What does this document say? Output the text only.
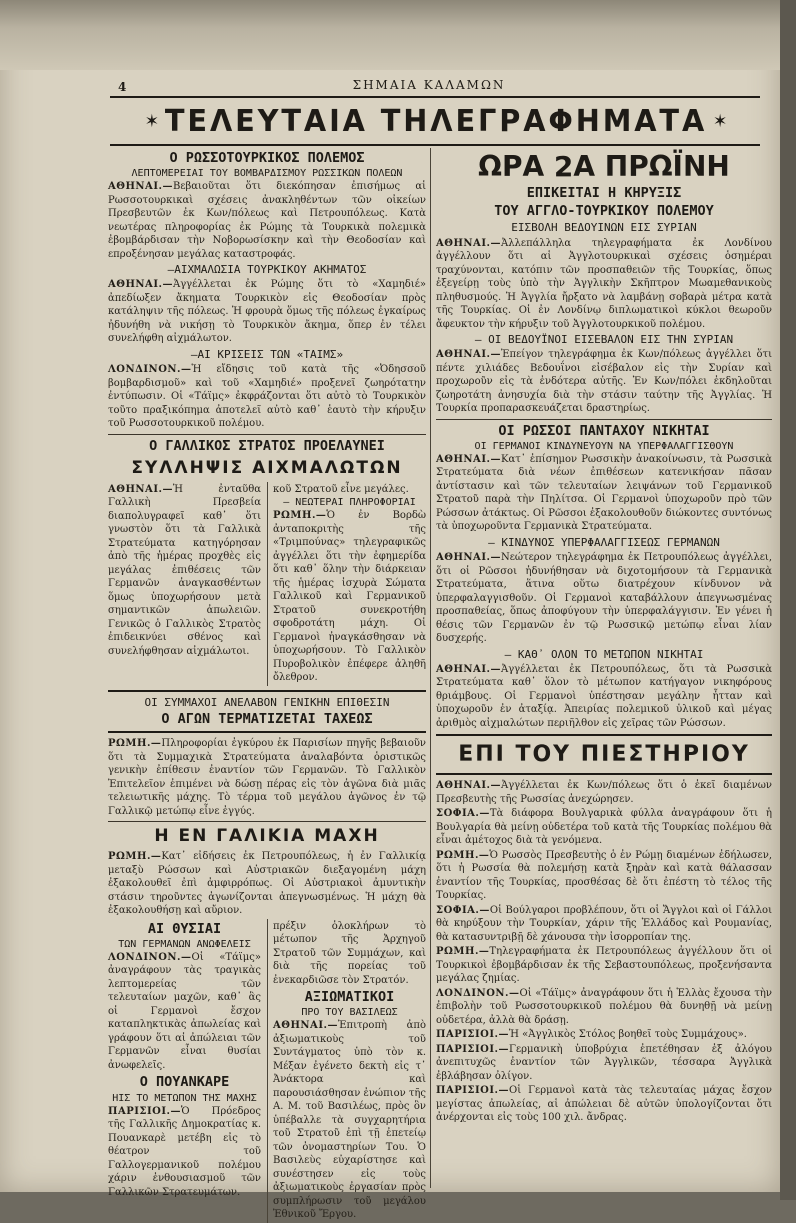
4	ΣΗΜΑΙΑ ΚΑΛΑΜΩΝ
✶ ΤΕΛΕΥΤΑΙΑ ΤΗΛΕΓΡΑΦΗΜΑΤΑ ✶
Ο ΡΩΣΣΟΤΟΥΡΚΙΚΟΣ ΠΟΛΕΜΟΣ
ΛΕΠΤΟΜΕΡΕΙΑΙ ΤΟΥ ΒΟΜΒΑΡΔΙΣΜΟΥ ΡΩΣΣΙΚΩΝ ΠΟΛΕΩΝ

ΑΘΗΝΑΙ.—Βεβαιοῦται ὅτι διεκόπησαν ἐπισήμως αἱ Ρωσσοτουρκικαὶ σχέσεις ἀνακληθέντων τῶν οἰκείων Πρεσβευτῶν ἐκ Κων/πόλεως καὶ Πετρουπόλεως. Κατὰ νεωτέρας πληροφορίας ἐκ Ρώμης τὰ Τουρκικὰ πολεμικὰ ἐβομβάρδισαν τὴν Νοβορωσίσκην καὶ τὴν Θεοδοσίαν καὶ επροξένησαν μεγάλας καταστροφάς.

—ΑΙΧΜΑΛΩΣΙΑ ΤΟΥΡΚΙΚΟΥ ΑΚΗΜΑΤΟΣ

ΑΘΗΝΑΙ.—Ἀγγέλλεται ἐκ Ρώμης ὅτι τὸ «Χαμηδιέ» ἀπεδίωξεν ἄκηματα Τουρκικὸν εἰς Θεοδοσίαν πρὸς κατάληψιν τῆς πόλεως. Ἡ φρουρὰ ὅμως τῆς πόλεως ἐγκαίρως ἠδυνήθη νὰ νικήσῃ τὸ Τουρκικὸν ἄκημα, ὅπερ ἐν τέλει συνελήφθη αἰχμάλωτον.

—ΑΙ ΚΡΙΣΕΙΣ ΤΩΝ «ΤΑΙΜΣ»

ΛΟΝΔΙΝΟΝ.—Ἡ εἴδησις τοῦ κατὰ τῆς «Ὀδησσοῦ βομβαρδισμοῦ» καὶ τοῦ «Χαμηδιέ» προξενεῖ ζωηρότατην ἐντύπωσιν. Οἱ «Τάϊμς» ἐκφράζονται ὅτι αὐτὸ τὸ Τουρκικὸν τοῦτο πραξικόπημα ἀποτελεῖ αὐτὸ καθ᾽ ἑαυτὸ τὴν κήρυξιν τοῦ Ρωσσοτουρκικοῦ πολέμου.

Ο ΓΑΛΛΙΚΟΣ ΣΤΡΑΤΟΣ ΠΡΟΕΛΑΥΝΕΙ
ΣΥΛΛΗΨΙΣ ΑΙΧΜΑΛΩΤΩΝ

ΑΘΗΝΑΙ.—Ἡ ἐνταῦθα Γαλλικὴ Πρεσβεία διαπολυγραφεῖ καθ᾽ ὅτι γνωστὸν ὅτι τὰ Γαλλικὰ Στρατεύματα κατηγόρησαν ἀπὸ τῆς ἡμέρας προχθὲς εἰς μεγάλας ἐπιθέσεις τῶν Γερμανῶν ἀναγκασθέντων ὅμως ὑποχωρήσουν μετὰ σημαντικῶν ἀπωλειῶν. Γενικῶς ὁ Γαλλικὸς Στρατὸς ἐπιδεικνύει σθένος καὶ συνελήφθησαν αἰχμάλωτοι.

κοῦ Στρατοῦ εἶνε μεγάλες.

— ΝΕΩΤΕΡΑΙ ΠΛΗΡΟΦΟΡΙΑΙ

ΡΩΜΗ.—Ὁ ἐν Βορδὼ ἀνταποκριτὴς τῆς «Τριμπούνας» τηλεγραφικῶς ἀγγέλλει ὅτι τὴν ἐφημερίδα ὅτι καθ᾽ ὅλην τὴν διάρκειαν τῆς ἡμέρας ἰσχυρὰ Σώματα Γαλλικοῦ καὶ Γερμανικοῦ Στρατοῦ συνεκροτήθη σφοδροτάτη μάχη. Οἱ Γερμανοὶ ἠναγκάσθησαν νὰ ὑποχωρήσουν. Τὸ Γαλλικὸν Πυροβολικὸν ἐπέφερε ἀληθῆ ὄλεθρον.

ΟΙ ΣΥΜΜΑΧΟΙ ΑΝΕΛΑΒΟΝ ΓΕΝΙΚΗΝ ΕΠΙΘΕΣΙΝ
Ο ΑΓΩΝ ΤΕΡΜΑΤΙΖΕΤΑΙ ΤΑΧΕΩΣ

ΡΩΜΗ.—Πληροφορίαι ἐγκύρου ἐκ Παρισίων πηγῆς βεβαιοῦν ὅτι τὰ Συμμαχικὰ Στρατεύματα ἀναλαβόντα ὁριστικῶς γενικὴν ἐπίθεσιν ἐναντίον τῶν Γερμανῶν. Τὸ Γαλλικὸν Ἐπιτελεῖον ἐπιμένει νὰ δώσῃ πέρας εἰς τὸν ἀγῶνα διὰ μιᾶς τελειωτικῆς μάχης. Τὸ τέρμα τοῦ μεγάλου ἀγῶνος ἐν τῷ Γαλλικῷ μετώπῳ εἶνε ἐγγύς.

Η ΕΝ ΓΑΛΙΚΙΑ ΜΑΧΗ

ΡΩΜΗ.—Κατ᾽ εἰδήσεις ἐκ Πετρουπόλεως, ἡ ἐν Γαλλικίᾳ μεταξὺ Ρώσσων καὶ Αὐστριακῶν διεξαγομένη μάχη ἐξακολουθεῖ ἐπὶ ἀμφιρρόπως. Οἱ Αὐστριακοὶ ἀμυντικὴν στάσιν τηροῦντες ἀγωνίζονται ἀπεγνωσμένως. Ἡ μάχη θὰ ἐξακολουθήσῃ καὶ αὔριον.

ΑΙ ΘΥΣΙΑΙ
ΤΩΝ ΓΕΡΜΑΝΩΝ ΑΝΩΦΕΛΕΙΣ

ΛΟΝΔΙΝΟΝ.—Οἱ «Τάϊμς» ἀναγράφουν τὰς τραγικὰς λεπτομερείας τῶν τελευταίων μαχῶν, καθ᾽ ἃς οἱ Γερμανοὶ ἔσχον καταπληκτικὰς ἀπωλείας καὶ γράφουν ὅτι αἱ ἀπώλειαι τῶν Γερμανῶν εἶναι θυσίαι ἀνωφελεῖς.

Ο ΠΟΥΑΝΚΑΡΕ
ΗΙΣ ΤΟ ΜΕΤΩΠΟΝ ΤΗΣ ΜΑΧΗΣ

ΠΑΡΙΣΙΟΙ.—Ὁ Πρόεδρος τῆς Γαλλικῆς Δημοκρατίας κ. Πουανκαρὲ μετέβη εἰς τὸ θέατρον τοῦ Γαλλογερμανικοῦ πολέμου χάριν ἐνθουσιασμοῦ τῶν Γαλλικῶν Στρατευμάτων.

πρέξιν ὁλοκλήρων τὸ μέτωπον τῆς Ἀρχηγοῦ Στρατοῦ τῶν Συμμάχων, καὶ διὰ τῆς πορείας τοῦ ἐνεκαρδιῶσε τὸν Στρατόν.

ΑΞΙΩΜΑΤΙΚΟΙ
ΠΡΟ ΤΟΥ ΒΑΣΙΛΕΩΣ

ΑΘΗΝΑΙ.—Ἐπιτροπὴ ἀπὸ ἀξιωματικοὺς τοῦ Συντάγματος ὑπὸ τὸν κ. Μέξαν ἐγένετο δεκτὴ εἰς τ᾽ Ἀνάκτορα καὶ παρουσιάσθησαν ἐνώπιον τῆς Α. Μ. τοῦ Βασιλέως, πρὸς ὃν ὑπέβαλλε τὰ συγχαρητήρια τοῦ Στρατοῦ ἐπὶ τῇ ἐπετείῳ τῶν ὀνομαστηρίων Του. Ὁ Βασιλεὺς εὐχαρίστησε καὶ συνέστησεν εἰς τοὺς ἀξιωματικοὺς ἐργασίαν πρὸς συμπλήρωσιν τοῦ μεγάλου Ἐθνικοῦ Ἔργου.

ΩΡΑ 2Α ΠΡΩΪΝΗ
ΕΠΙΚΕΙΤΑΙ Η ΚΗΡΥΞΙΣ
ΤΟΥ ΑΓΓΛΟ-ΤΟΥΡΚΙΚΟΥ ΠΟΛΕΜΟΥ
ΕΙΣΒΟΛΗ ΒΕΔΟΥΙΝΩΝ ΕΙΣ ΣΥΡΙΑΝ

ΑΘΗΝΑΙ.—Ἀλλεπάλληλα τηλεγραφήματα ἐκ Λονδίνου ἀγγέλλουν ὅτι αἱ Ἀγγλοτουρκικαὶ σχέσεις ὁσημέραι τραχύνονται, κατόπιν τῶν προσπαθειῶν τῆς Τουρκίας, ὅπως ἐξεγείρῃ τοὺς ὑπὸ τὴν Ἀγγλικὴν Σκῆπτρον Μωαμεθανικοὺς πληθυσμούς. Ἡ Ἀγγλία ἤρξατο νὰ λαμβάνῃ σοβαρὰ μέτρα κατὰ τῆς Τουρκίας. Οἱ ἐν Λονδίνῳ διπλωματικοὶ κύκλοι θεωροῦν ἄφευκτον τὴν κήρυξιν τοῦ Ἀγγλοτουρκικοῦ πολέμου.

— ΟΙ ΒΕΔΟΥΪΝΟΙ ΕΙΣΕΒΑΛΟΝ ΕΙΣ ΤΗΝ ΣΥΡΙΑΝ

ΑΘΗΝΑΙ.—Ἐπείγον τηλεγράφημα ἐκ Κων/πόλεως ἀγγέλλει ὅτι πέντε χιλιάδες Βεδουΐνοι εἰσέβαλον εἰς τὴν Συρίαν καὶ προχωροῦν εἰς τὰ ἐνδότερα αὐτῆς. Ἐν Κων/πόλει ἐκδηλοῦται ζωηροτάτη ἀνησυχία διὰ τὴν στάσιν ταύτην τῆς Ἀγγλίας. Ἡ Τουρκία προπαρασκευάζεται δραστηρίως.

ΟΙ ΡΩΣΣΟΙ ΠΑΝΤΑΧΟΥ ΝΙΚΗΤΑΙ
ΟΙ ΓΕΡΜΑΝΟΙ ΚΙΝΔΥΝΕΥΟΥΝ ΝΑ ΥΠΕΡΦΑΛΑΓΓΙΣΘΟΥΝ

ΑΘΗΝΑΙ.—Κατ᾽ ἐπίσημον Ρωσσικὴν ἀνακοίνωσιν, τὰ Ρωσσικὰ Στρατεύματα διὰ νέων ἐπιθέσεων κατενικήσαν πᾶσαν ἀντίστασιν καὶ τῶν τελευταίων λειψάνων τοῦ Γερμανικοῦ Στρατοῦ παρὰ τὴν Πηλίτσα. Οἱ Γερμανοὶ ὑποχωροῦν πρὸ τῶν Ρώσσων ἀτάκτως. Οἱ Ρῶσσοι ἐξακολουθοῦν διώκοντες συντόνως τὰ ὑποχωροῦντα Γερμανικὰ Στρατεύματα.

— ΚΙΝΔΥΝΟΣ ΥΠΕΡΦΑΛΑΓΓΙΣΕΩΣ ΓΕΡΜΑΝΩΝ

ΑΘΗΝΑΙ.—Νεώτερον τηλεγράφημα ἐκ Πετρουπόλεως ἀγγέλλει, ὅτι οἱ Ρῶσσοι ἠδυνήθησαν νὰ διχοτομήσουν τὰ Γερμανικὰ Στρατεύματα, ἅτινα οὕτω διατρέχουν κίνδυνον νὰ ὑπερφαλαγγισθοῦν. Οἱ Γερμανοὶ καταβάλλουν ἀπεγνωσμένας προσπαθείας, ὅπως ἀποφύγουν τὴν ὑπερφαλάγγισιν. Ἐν γένει ἡ θέσις τῶν Γερμανῶν ἐν τῷ Ρωσσικῷ μετώπῳ εἶναι λίαν δυσχερής.

— ΚΑΘ᾽ ΟΛΟΝ ΤΟ ΜΕΤΩΠΟΝ ΝΙΚΗΤΑΙ

ΑΘΗΝΑΙ.—Ἀγγέλλεται ἐκ Πετρουπόλεως, ὅτι τὰ Ρωσσικὰ Στρατεύματα καθ᾽ ὅλον τὸ μέτωπον κατήγαγον νικηφόρους θριάμβους. Οἱ Γερμανοὶ ὑπέστησαν μεγάλην ἧτταν καὶ ὑποχωροῦν ἐν ἀταξίᾳ. Ἀπειρίας πολεμικοῦ ὑλικοῦ καὶ μέγας ἀριθμὸς αἰχμαλώτων περιῆλθον εἰς χεῖρας τῶν Ρώσσων.

ΕΠΙ ΤΟΥ ΠΙΕΣΤΗΡΙΟΥ

ΑΘΗΝΑΙ.—Ἀγγέλλεται ἐκ Κων/πόλεως ὅτι ὁ ἐκεῖ διαμένων Πρεσβευτὴς τῆς Ρωσσίας ἀνεχώρησεν.

ΣΟΦΙΑ.—Τὰ διάφορα Βουλγαρικὰ φύλλα ἀναγράφουν ὅτι ἡ Βουλγαρία θὰ μείνῃ οὐδετέρα τοῦ κατὰ τῆς Τουρκίας πολέμου θὰ εἶναι ἀμέτοχος διὰ τὰ γενόμενα.

ΡΩΜΗ.—Ὁ Ρωσσὸς Πρεσβευτὴς ὁ ἐν Ρώμῃ διαμένων ἐδήλωσεν, ὅτι ἡ Ρωσσία θὰ πολεμήσῃ κατὰ ξηρὰν καὶ κατὰ θάλασσαν ἐναντίον τῆς Τουρκίας, προσθέσας δὲ ὅτι ἐπέστη τὸ τέλος τῆς Τουρκίας.

ΣΟΦΙΑ.—Οἱ Βούλγαροι προβλέπουν, ὅτι οἱ Ἄγγλοι καὶ οἱ Γάλλοι θὰ κηρύξουν τὴν Τουρκίαν, χάριν τῆς Ἑλλάδος καὶ Ρουμανίας, θὰ κατασυντριβῇ δὲ χάνουσα τὴν ἰσορροπίαν της.

ΡΩΜΗ.—Τηλεγραφήματα ἐκ Πετρουπόλεως ἀγγέλλουν ὅτι οἱ Τουρκικοὶ ἐβομβάρδισαν ἐκ τῆς Σεβαστουπόλεως, προξενήσαντα μεγάλας ζημίας.

ΛΟΝΔΙΝΟΝ.—Οἱ «Τάϊμς» ἀναγράφουν ὅτι ἡ Ἑλλὰς ἔχουσα τὴν ἐπιβολὴν τοῦ Ρωσσοτουρκικοῦ πολέμου θὰ δυνηθῇ νὰ μείνῃ οὐδετέρα, ἀλλὰ θὰ δράσῃ.

ΠΑΡΙΣΙΟΙ.—Ἡ «Ἀγγλικὸς Στόλος βοηθεῖ τοὺς Συμμάχους».

ΠΑΡΙΣΙΟΙ.—Γερμανικὴ ὑποβρύχια ἐπετέθησαν ἐξ ἀλόγου ἀνεπιτυχῶς ἐναντίον τῶν Ἀγγλικῶν, τέσσαρα Ἀγγλικὰ ἐβλάβησαν ὀλίγον.

ΠΑΡΙΣΙΟΙ.—Οἱ Γερμανοὶ κατὰ τὰς τελευταίας μάχας ἔσχον μεγίστας ἀπωλείας, αἱ ἀπώλειαι δὲ αὐτῶν ὑπολογίζονται ὅτι ἀνέρχονται εἰς τοὺς 100 χιλ. ἄνδρας.
